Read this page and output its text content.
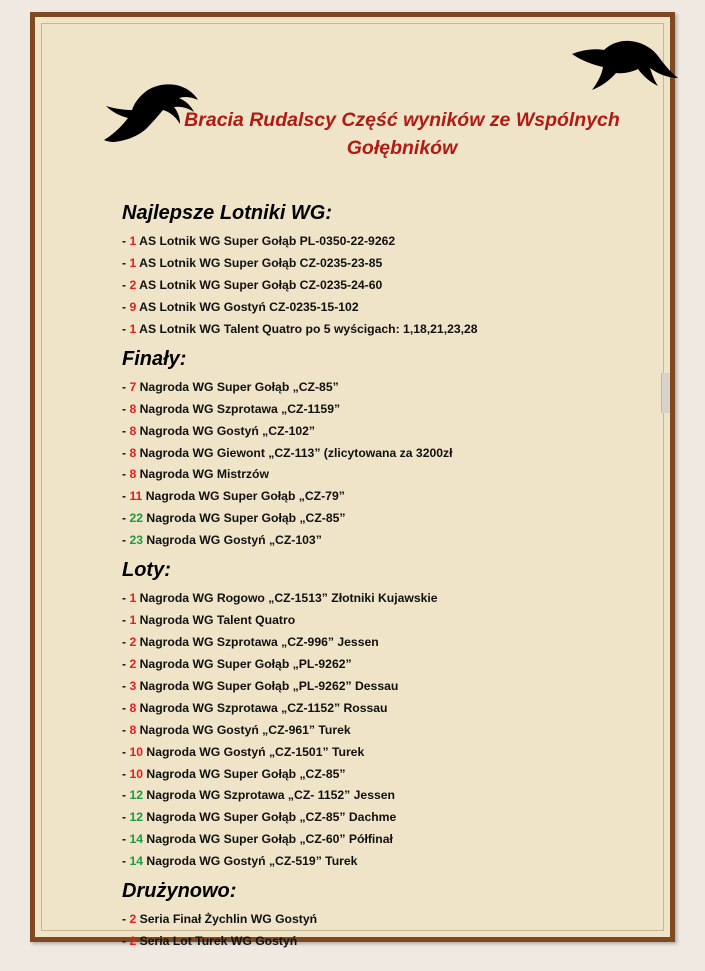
Bracia Rudalscy Część wyników ze Wspólnych Gołębników
Najlepsze Lotniki WG:
- 1 AS Lotnik WG Super Gołąb PL-0350-22-9262
- 1 AS Lotnik WG Super Gołąb CZ-0235-23-85
- 2 AS Lotnik WG Super Gołąb CZ-0235-24-60
- 9 AS Lotnik WG Gostyń CZ-0235-15-102
- 1 AS Lotnik WG Talent Quatro po 5 wyścigach: 1,18,21,23,28
Finały:
- 7 Nagroda WG Super Gołąb „CZ-85”
- 8 Nagroda WG Szprotawa „CZ-1159”
- 8 Nagroda WG Gostyń „CZ-102”
- 8 Nagroda WG Giewont „CZ-113” (zlicytowana za 3200zł
- 8 Nagroda WG Mistrzów
- 11 Nagroda WG Super Gołąb „CZ-79”
- 22 Nagroda WG Super Gołąb „CZ-85”
- 23 Nagroda WG Gostyń „CZ-103”
Loty:
- 1 Nagroda WG Rogowo „CZ-1513” Złotniki Kujawskie
- 1 Nagroda WG Talent Quatro
- 2 Nagroda WG Szprotawa „CZ-996” Jessen
- 2 Nagroda WG Super Gołąb „PL-9262”
- 3 Nagroda WG Super Gołąb „PL-9262” Dessau
- 8 Nagroda WG Szprotawa „CZ-1152” Rossau
- 8 Nagroda WG Gostyń „CZ-961” Turek
- 10 Nagroda WG Gostyń „CZ-1501” Turek
- 10 Nagroda WG Super Gołąb „CZ-85”
- 12 Nagroda WG Szprotawa „CZ- 1152” Jessen
- 12 Nagroda WG Super Gołąb „CZ-85” Dachme
- 14 Nagroda WG Super Gołąb „CZ-60” Półfinał
- 14 Nagroda WG Gostyń „CZ-519” Turek
Drużynowo:
- 2 Seria Finał Żychlin WG Gostyń
- 2 Seria Lot Turek WG Gostyń
